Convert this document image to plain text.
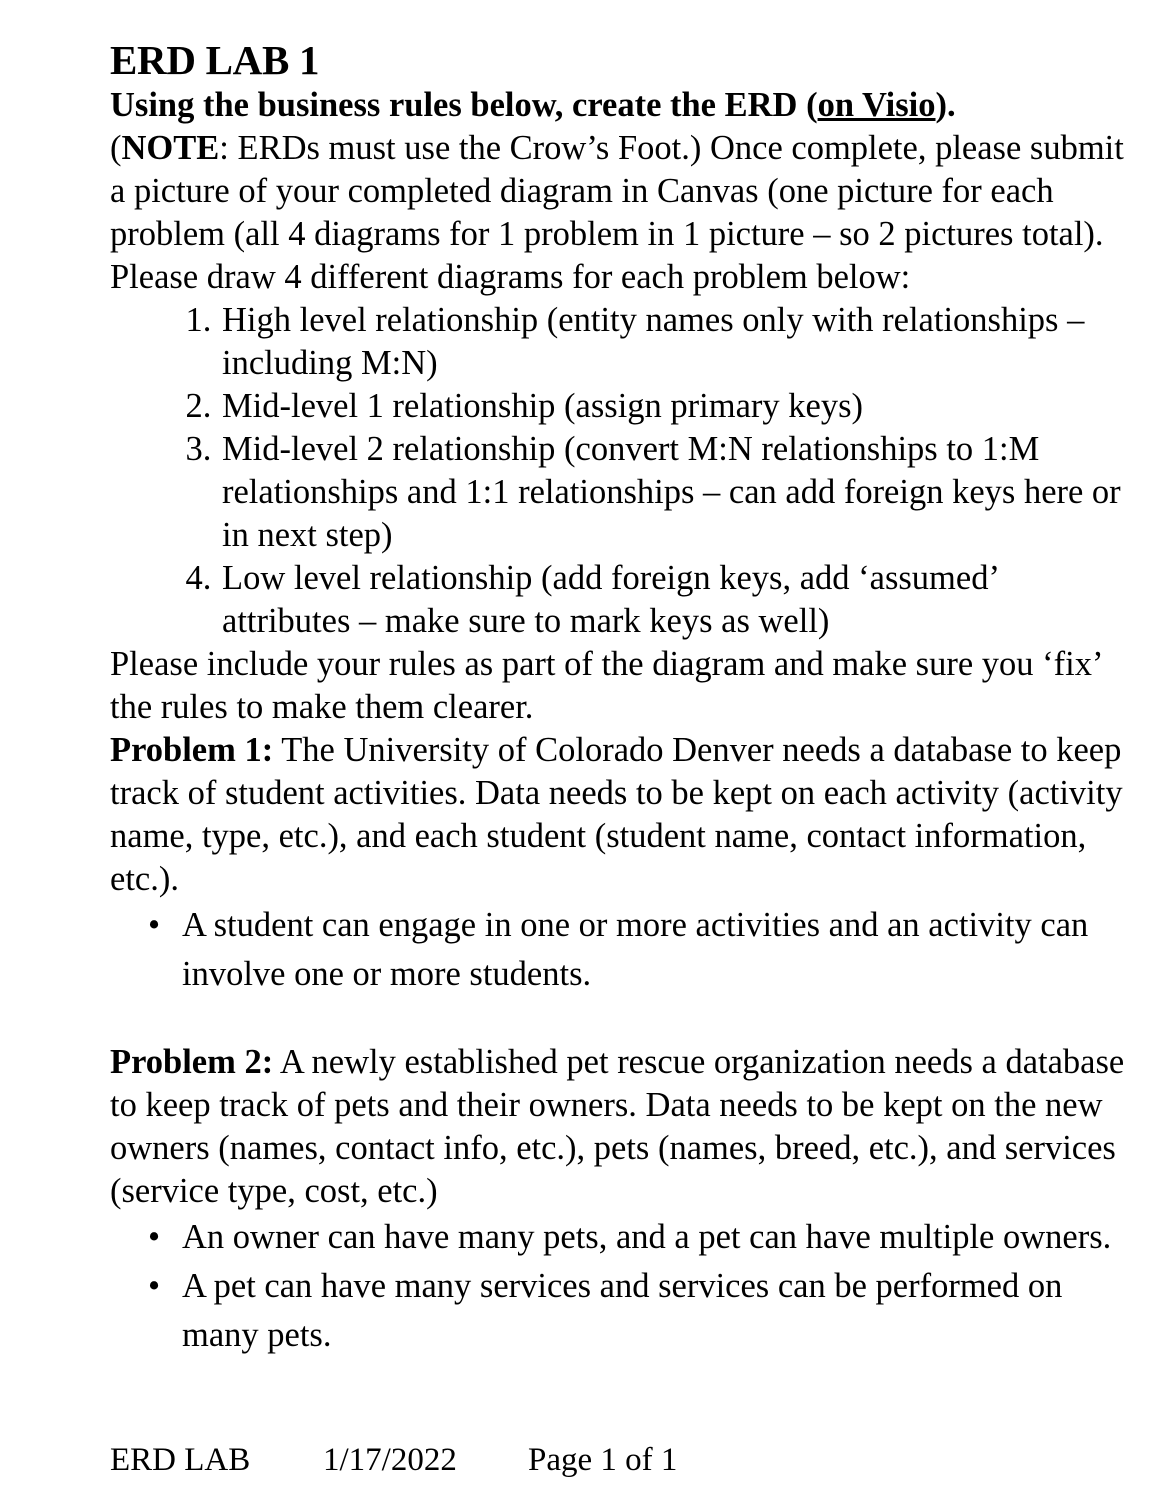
ERD LAB 1

Using the business rules below, create the ERD (on Visio).

(NOTE: ERDs must use the Crow’s Foot.) Once complete, please submit a picture of your completed diagram in Canvas (one picture for each problem (all 4 diagrams for 1 problem in 1 picture – so 2 pictures total).

Please draw 4 different diagrams for each problem below:

1. High level relationship (entity names only with relationships – including M:N)
2. Mid-level 1 relationship (assign primary keys)
3. Mid-level 2 relationship (convert M:N relationships to 1:M relationships and 1:1 relationships – can add foreign keys here or in next step)
4. Low level relationship (add foreign keys, add ‘assumed’ attributes – make sure to mark keys as well)

Please include your rules as part of the diagram and make sure you ‘fix’ the rules to make them clearer.

Problem 1: The University of Colorado Denver needs a database to keep track of student activities. Data needs to be kept on each activity (activity name, type, etc.), and each student (student name, contact information, etc.).

• A student can engage in one or more activities and an activity can involve one or more students.

Problem 2: A newly established pet rescue organization needs a database to keep track of pets and their owners. Data needs to be kept on the new owners (names, contact info, etc.), pets (names, breed, etc.), and services (service type, cost, etc.)

• An owner can have many pets, and a pet can have multiple owners.
• A pet can have many services and services can be performed on many pets.
ERD LAB 1/17/2022 Page 1 of 1
